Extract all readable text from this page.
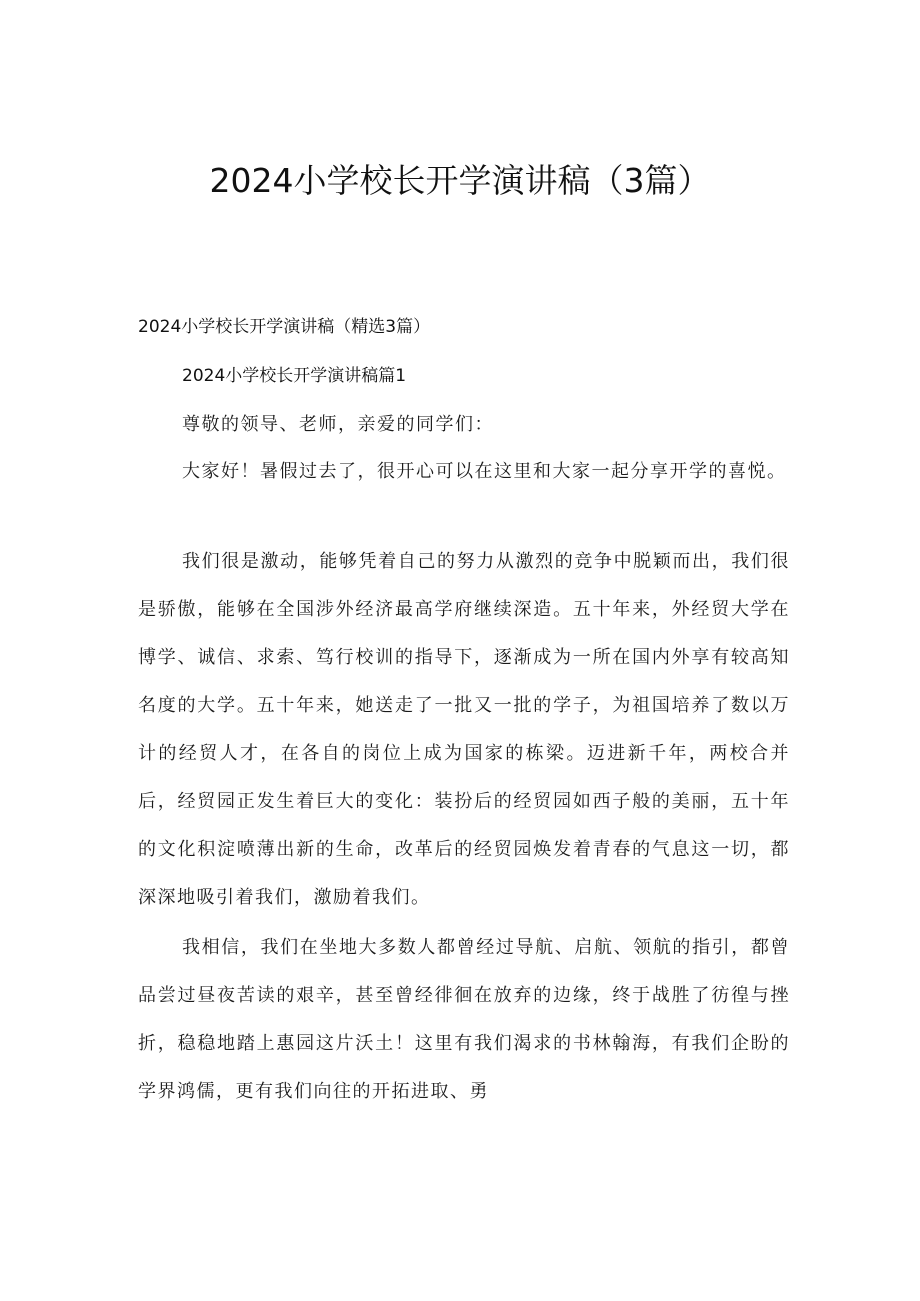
2024小学校长开学演讲稿（3篇）

2024小学校长开学演讲稿（精选3篇）

2024小学校长开学演讲稿篇1

尊敬的领导、老师，亲爱的同学们：

大家好！暑假过去了，很开心可以在这里和大家一起分享开学的喜悦。

我们很是激动，能够凭着自己的努力从激烈的竞争中脱颖而出，我们很是骄傲，能够在全国涉外经济最高学府继续深造。五十年来，外经贸大学在博学、诚信、求索、笃行校训的指导下，逐渐成为一所在国内外享有较高知名度的大学。五十年来，她送走了一批又一批的学子，为祖国培养了数以万计的经贸人才，在各自的岗位上成为国家的栋梁。迈进新千年，两校合并后，经贸园正发生着巨大的变化：装扮后的经贸园如西子般的美丽，五十年的文化积淀喷薄出新的生命，改革后的经贸园焕发着青春的气息这一切，都深深地吸引着我们，激励着我们。

我相信，我们在坐地大多数人都曾经过导航、启航、领航的指引，都曾品尝过昼夜苦读的艰辛，甚至曾经徘徊在放弃的边缘，终于战胜了彷徨与挫折，稳稳地踏上惠园这片沃土！这里有我们渴求的书林翰海，有我们企盼的学界鸿儒，更有我们向往的开拓进取、勇
